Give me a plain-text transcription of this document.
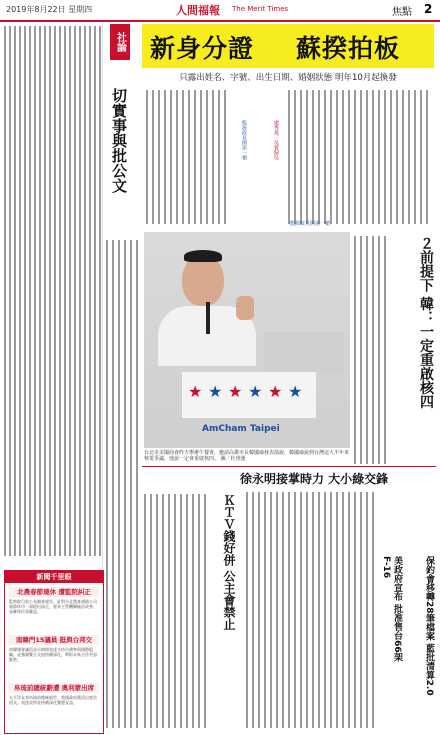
2019年8月22日 星期四	人間福報 The Merit Times	焦點 2
社論
切實事與批公文
新身分證 蘇揆拍板
只露出姓名、字號、出生日期、婚姻狀態 明年10月起換發
盧秀燕：吳寶歸吳
能源政見開第一槍
能源政見開第一槍
★ ★ ★ ★ ★ ★
AmCham Taipei
台北市美國商會昨天舉辦午餐會，邀請高雄市長韓國瑜發表演說，韓國瑜說到台灣這大半年來核電爭議，他說一定會重啟核四。 圖／杜虔運
２前提下 韓：一定重啟核四
徐永明接掌時力 大小綠交鋒
ＫＴＶ錢好併 公主會禁止	美政府宣布 批准售台66架F-16	保釣會移轉28筆檔案 藍批清算2.0
新聞千里眼
北農春節連休 遭監院糾正
監察院日前公布調查報告，針對台北農產運銷公司春節休市一事提出糾正，要求主管機關檢討改善，並確保民眾權益。
南韓門15議員 挺與台邦交
南韓國會議員訪台期間表達支持台灣參與國際組織，並強調雙方交流持續深化，期盼未來合作更加緊密。
帛琉前總統辭遭 奧利蒙出席
太平洋友邦帛琉前總統逝世，我國政府派員出席告別式，表達哀悼並持續深化雙邊友誼。
